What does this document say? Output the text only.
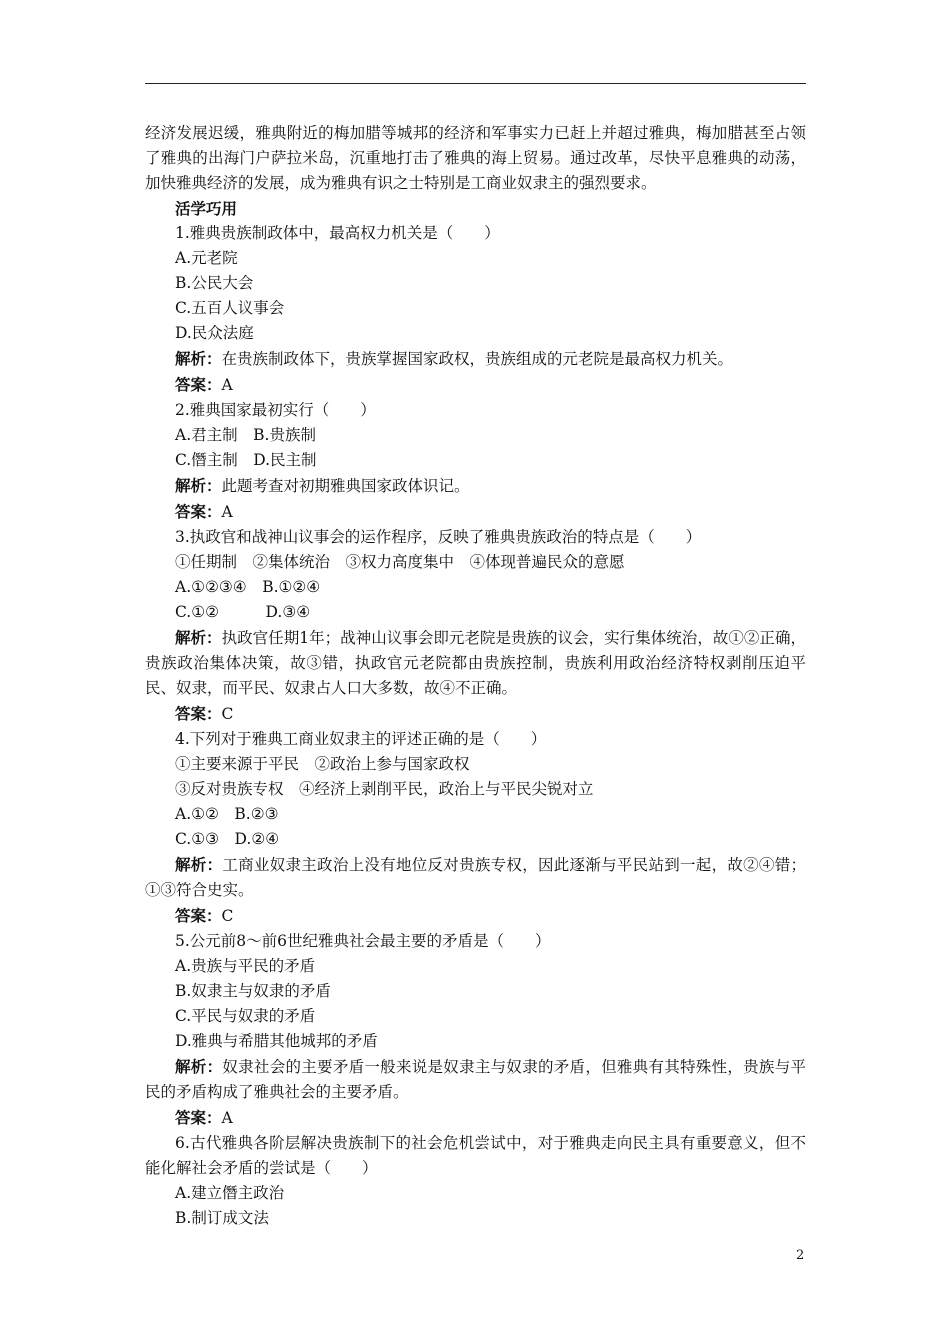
经济发展迟缓，雅典附近的梅加腊等城邦的经济和军事实力已赶上并超过雅典，梅加腊甚至占领了雅典的出海门户萨拉米岛，沉重地打击了雅典的海上贸易。通过改革，尽快平息雅典的动荡，加快雅典经济的发展，成为雅典有识之士特别是工商业奴隶主的强烈要求。

活学巧用

1.雅典贵族制政体中，最高权力机关是（　　）

A.元老院

B.公民大会

C.五百人议事会

D.民众法庭

解析：在贵族制政体下，贵族掌握国家政权，贵族组成的元老院是最高权力机关。

答案：A

2.雅典国家最初实行（　　）

A.君主制　B.贵族制

C.僭主制　D.民主制

解析：此题考查对初期雅典国家政体识记。

答案：A

3.执政官和战神山议事会的运作程序，反映了雅典贵族政治的特点是（　　）

①任期制　②集体统治　③权力高度集中　④体现普遍民众的意愿

A.①②③④　B.①②④

C.①②　　　D.③④

解析：执政官任期1年；战神山议事会即元老院是贵族的议会，实行集体统治，故①②正确，贵族政治集体决策，故③错，执政官元老院都由贵族控制，贵族利用政治经济特权剥削压迫平民、奴隶，而平民、奴隶占人口大多数，故④不正确。

答案：C

4.下列对于雅典工商业奴隶主的评述正确的是（　　）

①主要来源于平民　②政治上参与国家政权

③反对贵族专权　④经济上剥削平民，政治上与平民尖锐对立

A.①②　B.②③

C.①③　D.②④

解析：工商业奴隶主政治上没有地位反对贵族专权，因此逐渐与平民站到一起，故②④错；①③符合史实。

答案：C

5.公元前8～前6世纪雅典社会最主要的矛盾是（　　）

A.贵族与平民的矛盾

B.奴隶主与奴隶的矛盾

C.平民与奴隶的矛盾

D.雅典与希腊其他城邦的矛盾

解析：奴隶社会的主要矛盾一般来说是奴隶主与奴隶的矛盾，但雅典有其特殊性，贵族与平民的矛盾构成了雅典社会的主要矛盾。

答案：A

6.古代雅典各阶层解决贵族制下的社会危机尝试中，对于雅典走向民主具有重要意义，但不能化解社会矛盾的尝试是（　　）

A.建立僭主政治

B.制订成文法

2
